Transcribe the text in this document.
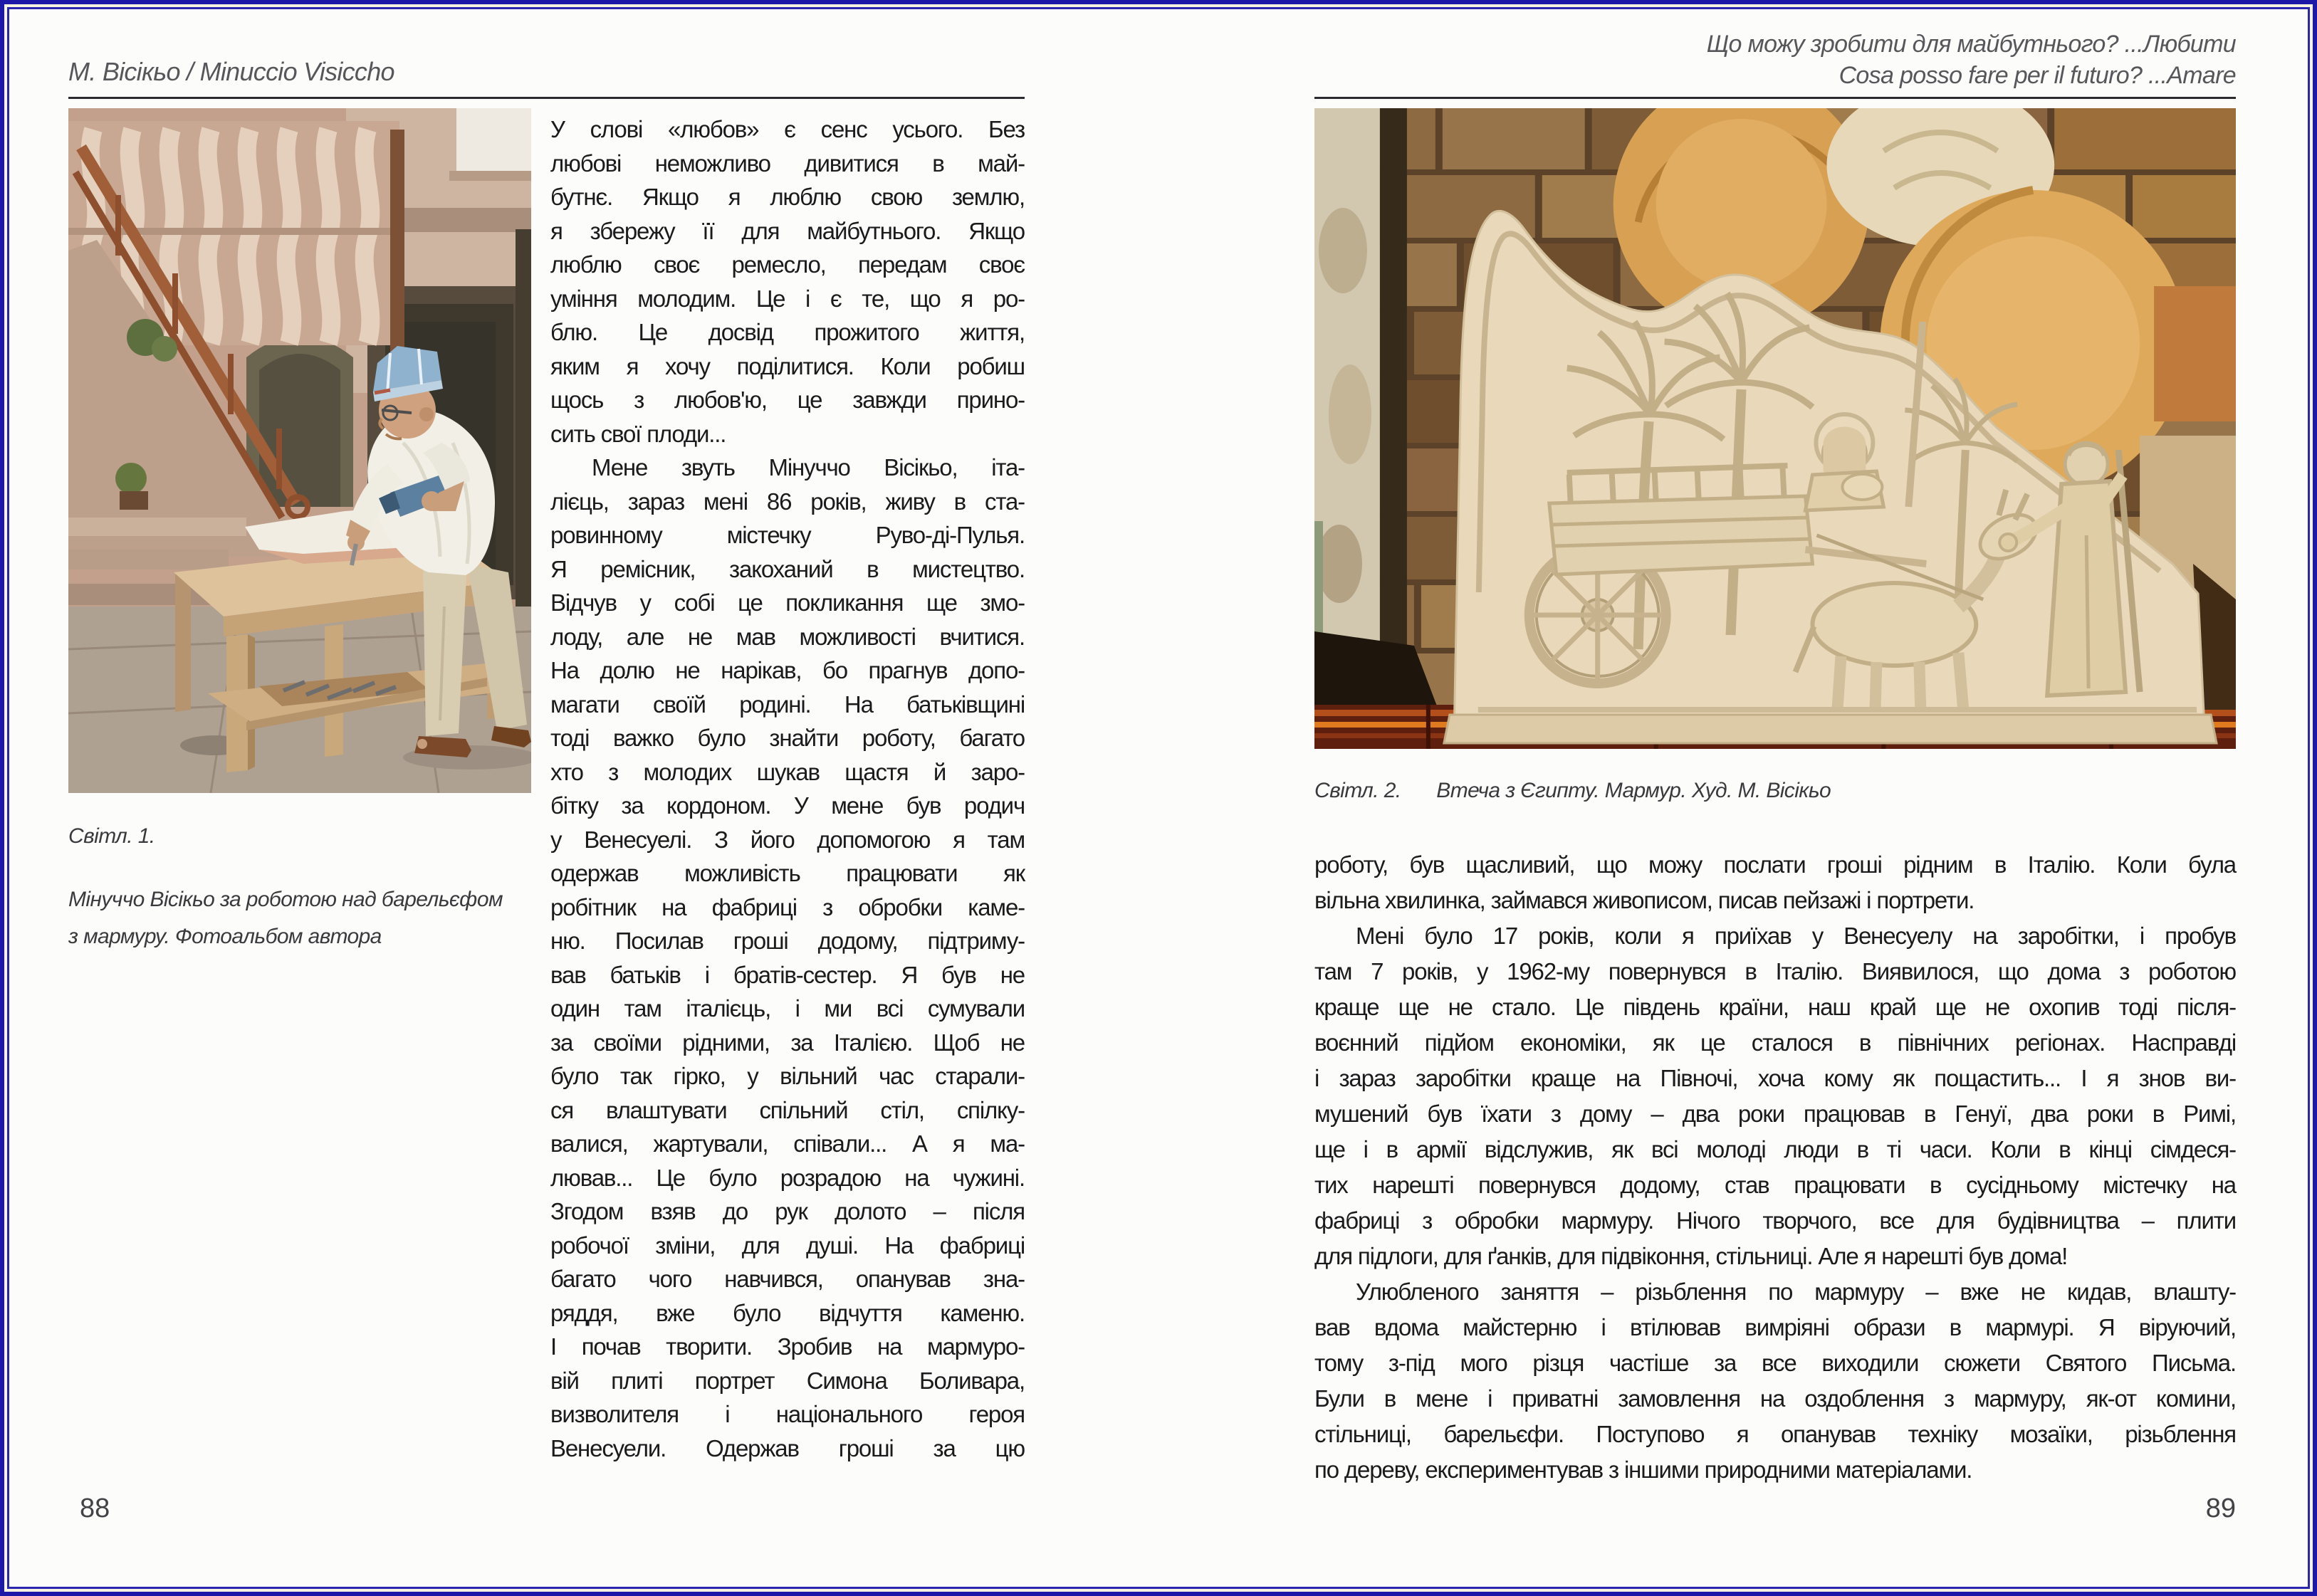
М. Вісікьо / Minuccio Visiccho
Світл. 1.
Мінуччо Вісікьо за роботою над барельєфом
з мармуру. Фотоальбом автора
У слові «любов» є сенс усього. Без
любові неможливо дивитися в май-
бутнє. Якщо я люблю свою землю,
я збережу її для майбутнього. Якщо
люблю своє ремесло, передам своє
уміння молодим. Це і є те, що я ро-
блю. Це досвід прожитого життя,
яким я хочу поділитися. Коли робиш
щось з любов'ю, це завжди прино-
сить свої плоди...
Мене звуть Мінуччо Вісікьо, іта-
лієць, зараз мені 86 років, живу в ста-
ровинному містечку Руво-ді-Пулья.
Я ремісник, закоханий в мистецтво.
Відчув у собі це покликання ще змо-
лоду, але не мав можливості вчитися.
На долю не нарікав, бо прагнув допо-
магати своїй родині. На батьківщині
тоді важко було знайти роботу, багато
хто з молодих шукав щастя й заро-
бітку за кордоном. У мене був родич
у Венесуелі. З його допомогою я там
одержав можливість працювати як
робітник на фабриці з обробки каме-
ню. Посилав гроші додому, підтриму-
вав батьків і братів-сестер. Я був не
один там італієць, і ми всі сумували
за своїми рідними, за Італією. Щоб не
було так гірко, у вільний час старали-
ся влаштувати спільний стіл, спілку-
валися, жартували, співали... А я ма-
лював... Це було розрадою на чужині.
Згодом взяв до рук долото – після
робочої зміни, для душі. На фабриці
багато чого навчився, опанував зна-
ряддя, вже було відчуття каменю.
І почав творити. Зробив на мармуро-
вій плиті портрет Симона Боливара,
визволителя і національного героя
Венесуели. Одержав гроші за цю
88
Що можу зробити для майбутнього? ...Любити
Cosa posso fare per il futuro? ...Amare
Світл. 2. Втеча з Єгипту. Мармур. Худ. М. Вісікьо
роботу, був щасливий, що можу послати гроші рідним в Італію. Коли була
вільна хвилинка, займався живописом, писав пейзажі і портрети.
Мені було 17 років, коли я приїхав у Венесуелу на заробітки, і пробув
там 7 років, у 1962-му повернувся в Італію. Виявилося, що дома з роботою
краще ще не стало. Це південь країни, наш край ще не охопив тоді після-
воєнний підйом економіки, як це сталося в північних регіонах. Насправді
і зараз заробітки краще на Півночі, хоча кому як пощастить... І я знов ви-
мушений був їхати з дому – два роки працював в Генуї, два роки в Римі,
ще і в армії відслужив, як всі молоді люди в ті часи. Коли в кінці сімдеся-
тих нарешті повернувся додому, став працювати в сусідньому містечку на
фабриці з обробки мармуру. Нічого творчого, все для будівництва – плити
для підлоги, для ґанків, для підвіконня, стільниці. Але я нарешті був дома!
Улюбленого заняття – різьблення по мармуру – вже не кидав, влашту-
вав вдома майстерню і втілював вимріяні образи в мармурі. Я віруючий,
тому з-під мого різця частіше за все виходили сюжети Святого Письма.
Були в мене і приватні замовлення на оздоблення з мармуру, як-от комини,
стільниці, барельєфи. Поступово я опанував техніку мозаїки, різьблення
по дереву, експериментував з іншими природними матеріалами.
89
